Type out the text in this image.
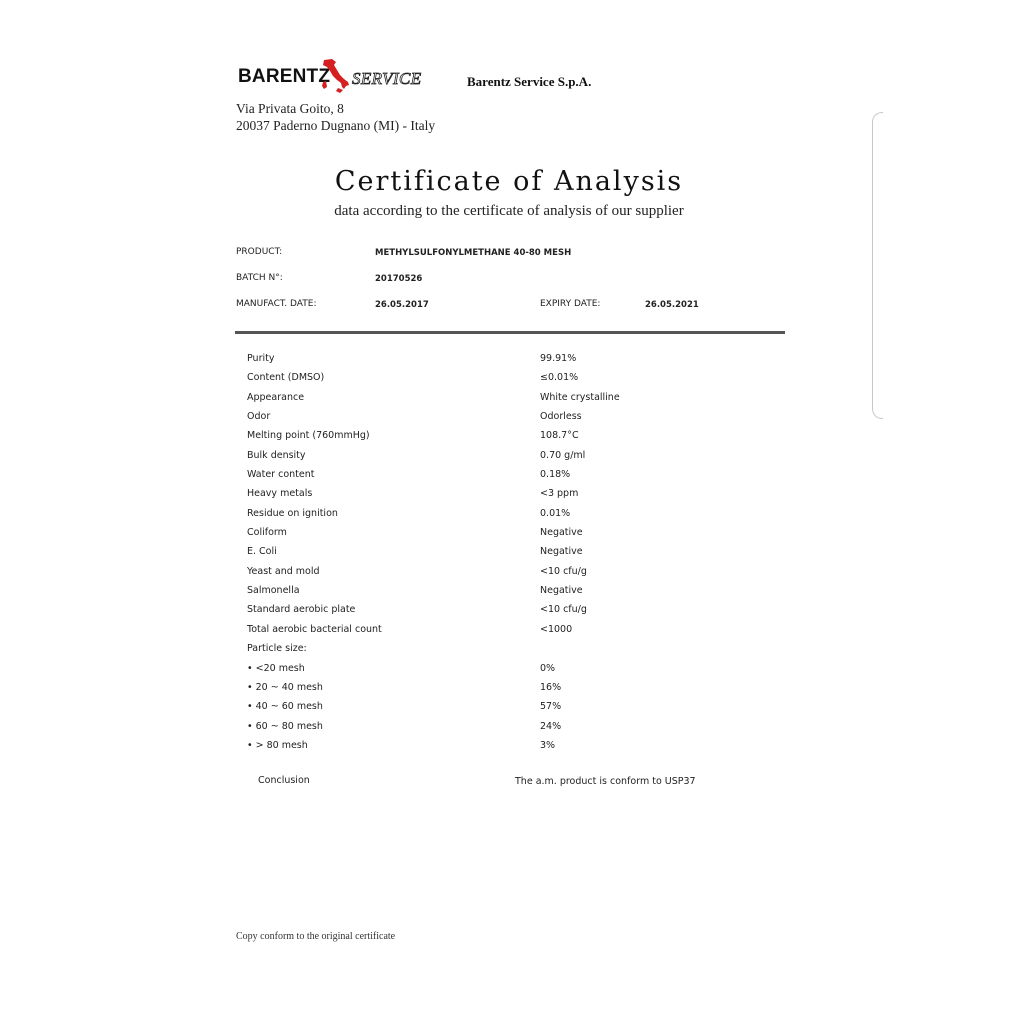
BARENTZ SERVICE	Barentz Service S.p.A.
Via Privata Goito, 8
20037 Paderno Dugnano (MI) - Italy
Certificate of Analysis
data according to the certificate of analysis of our supplier
PRODUCT:	METHYLSULFONYLMETHANE 40-80 MESH
BATCH N°:	20170526
MANUFACT. DATE:	26.05.2017	EXPIRY DATE:	26.05.2021
Purity	99.91%
Content (DMSO)	≤0.01%
Appearance	White crystalline
Odor	Odorless
Melting point (760mmHg)	108.7°C
Bulk density	0.70 g/ml
Water content	0.18%
Heavy metals	<3 ppm
Residue on ignition	0.01%
Coliform	Negative
E. Coli	Negative
Yeast and mold	<10 cfu/g
Salmonella	Negative
Standard aerobic plate	<10 cfu/g
Total aerobic bacterial count	<1000
Particle size:
• <20 mesh	0%
• 20 ~ 40 mesh	16%
• 40 ~ 60 mesh	57%
• 60 ~ 80 mesh	24%
• > 80 mesh	3%
Conclusion	The a.m. product is conform to USP37
Copy conform to the original certificate
